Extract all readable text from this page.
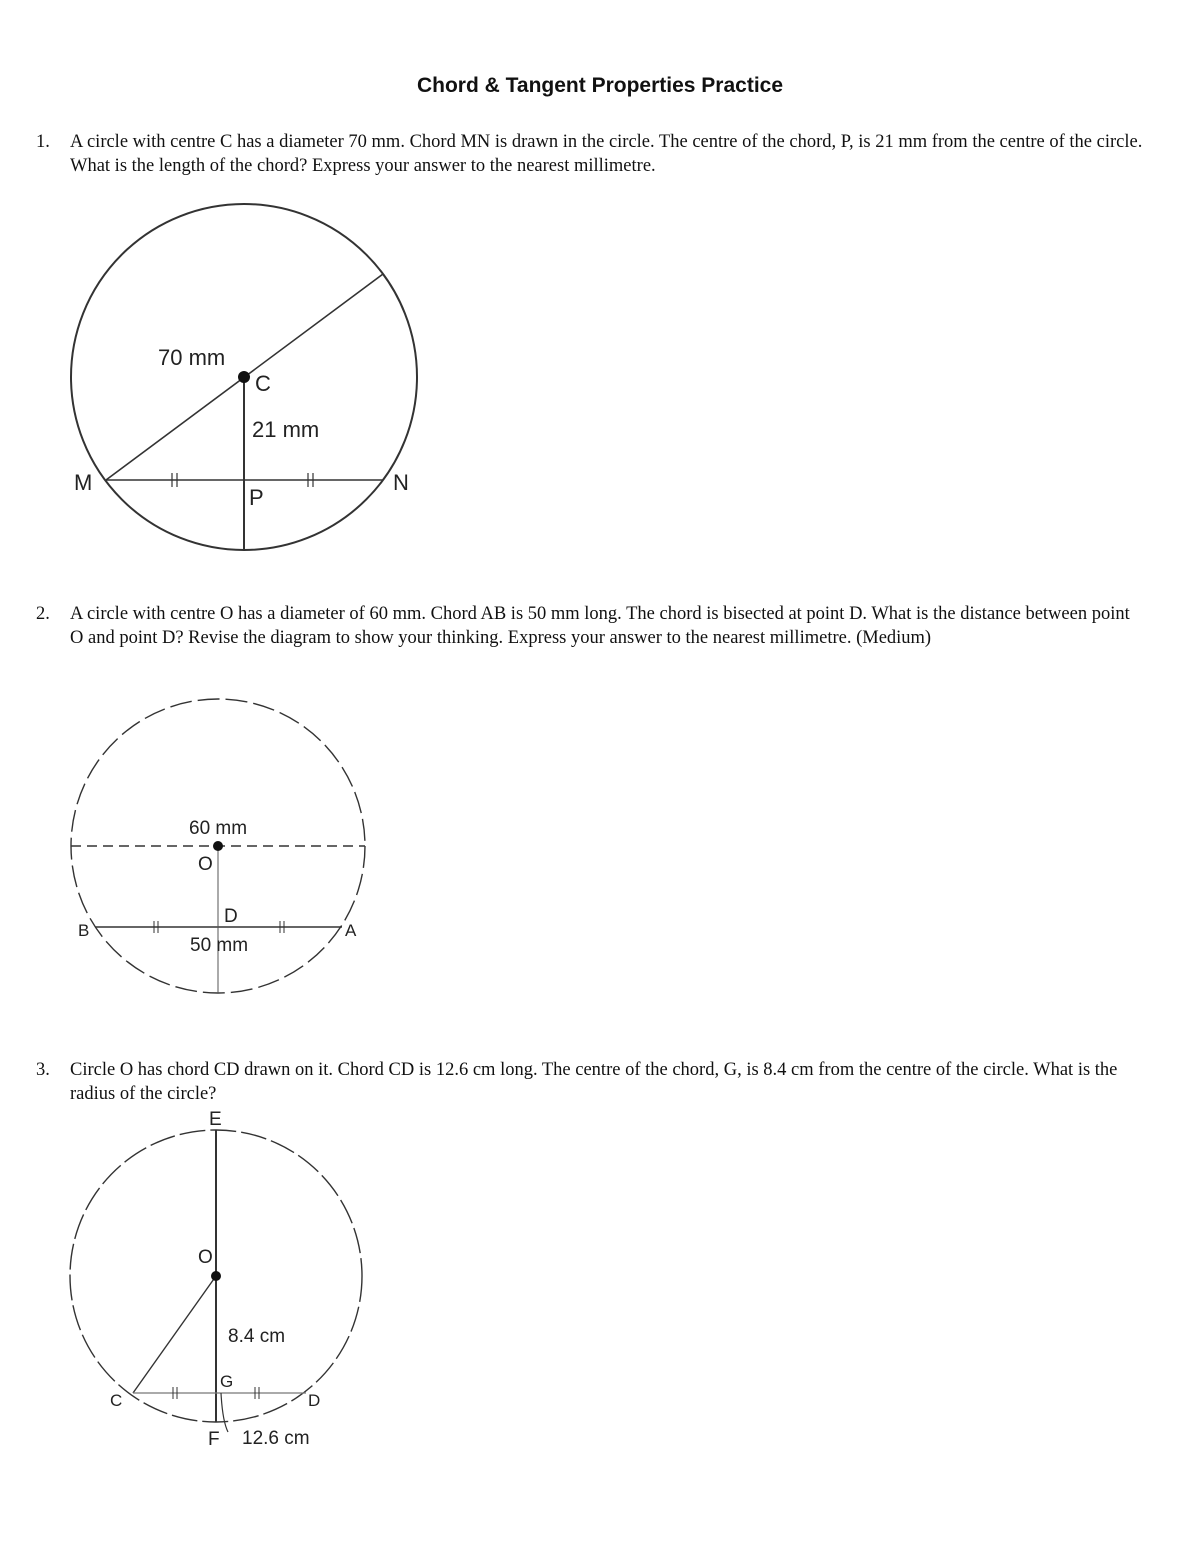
Chord & Tangent Properties Practice
1. A circle with centre C has a diameter 70 mm. Chord MN is drawn in the circle. The centre of the chord, P, is 21 mm from the centre of the circle. What is the length of the chord? Express your answer to the nearest millimetre.
70 mm
C
21 mm
M	N
P
2. A circle with centre O has a diameter of 60 mm. Chord AB is 50 mm long. The chord is bisected at point D. What is the distance between point O and point D? Revise the diagram to show your thinking. Express your answer to the nearest millimetre. (Medium)
60 mm
O
D
B	A
50 mm
3. Circle O has chord CD drawn on it. Chord CD is 12.6 cm long. The centre of the chord, G, is 8.4 cm from the centre of the circle. What is the radius of the circle?
E
O
8.4 cm
G
C	D
F 12.6 cm
